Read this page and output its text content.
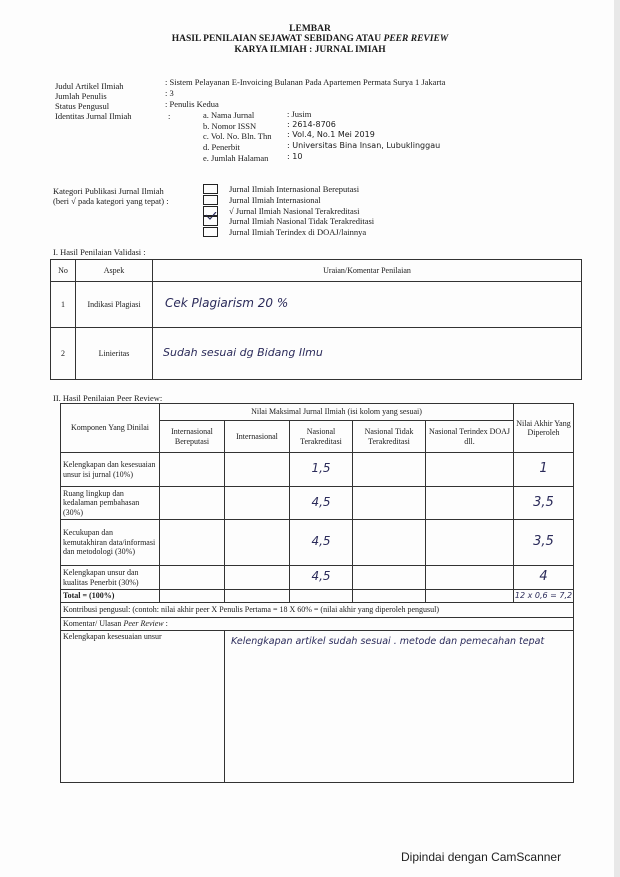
LEMBAR
HASIL PENILAIAN SEJAWAT SEBIDANG ATAU PEER REVIEW
KARYA ILMIAH : JURNAL IMIAH
Judul Artikel Ilmiah	: Sistem Pelayanan E-Invoicing Bulanan Pada Apartemen Permata Surya 1 Jakarta
Jumlah Penulis	: 3
Status Pengusul	: Penulis Kedua
Identitas Jurnal Ilmiah	:	a. Nama Jurnal	: Jusim
b. Nomor ISSN	: 2614-8706
c. Vol. No. Bln. Thn : Vol.4, No.1 Mei 2019
d. Penerbit	: Universitas Bina Insan, Lubuklinggau
e. Jumlah Halaman : 10
Kategori Publikasi Jurnal Ilmiah
(beri √ pada kategori yang tepat) :
Jurnal Ilmiah Internasional Bereputasi
Jurnal Ilmiah Internasional
√ Jurnal Ilmiah Nasional Terakreditasi
Jurnal Ilmiah Nasional Tidak Terakreditasi
Jurnal Ilmiah Terindex di DOAJ/lainnya
I. Hasil Penilaian Validasi :
No	Aspek	Uraian/Komentar Penilaian
1	Indikasi Plagiasi	Cek Plagiarism 20 %
2	Linieritas	Sudah sesuai dg Bidang Ilmu
II. Hasil Penilaian Peer Review:
Komponen Yang Dinilai	Nilai Maksimal Jurnal Ilmiah (isi kolom yang sesuai)					Nilai Akhir Yang Diperoleh
	Internasional Bereputasi	Internasional	Nasional Terakreditasi	Nasional Tidak Terakreditasi	Nasional Terindex DOAJ dll.	
Kelengkapan dan kesesuaian unsur isi jurnal (10%)			1,5			1
Ruang lingkup dan kedalaman pembahasan (30%)			4,5			3,5
Kecukupan dan kemutakhiran data/informasi dan metodologi (30%)			4,5			3,5
Kelengkapan unsur dan kualitas Penerbit (30%)			4,5			4
Total = (100%)						12 x 0,6 = 7,2
Kontribusi pengusul: (contoh: nilai akhir peer X Penulis Pertama = 18 X 60% = (nilai akhir yang diperoleh pengusul)						
Komentar/ Ulasan Peer Review :						
Kelengkapan kesesuaian unsur		Kelengkapan artikel sudah sesuai . metode dan pemecahan tepat				
Dipindai dengan CamScanner
